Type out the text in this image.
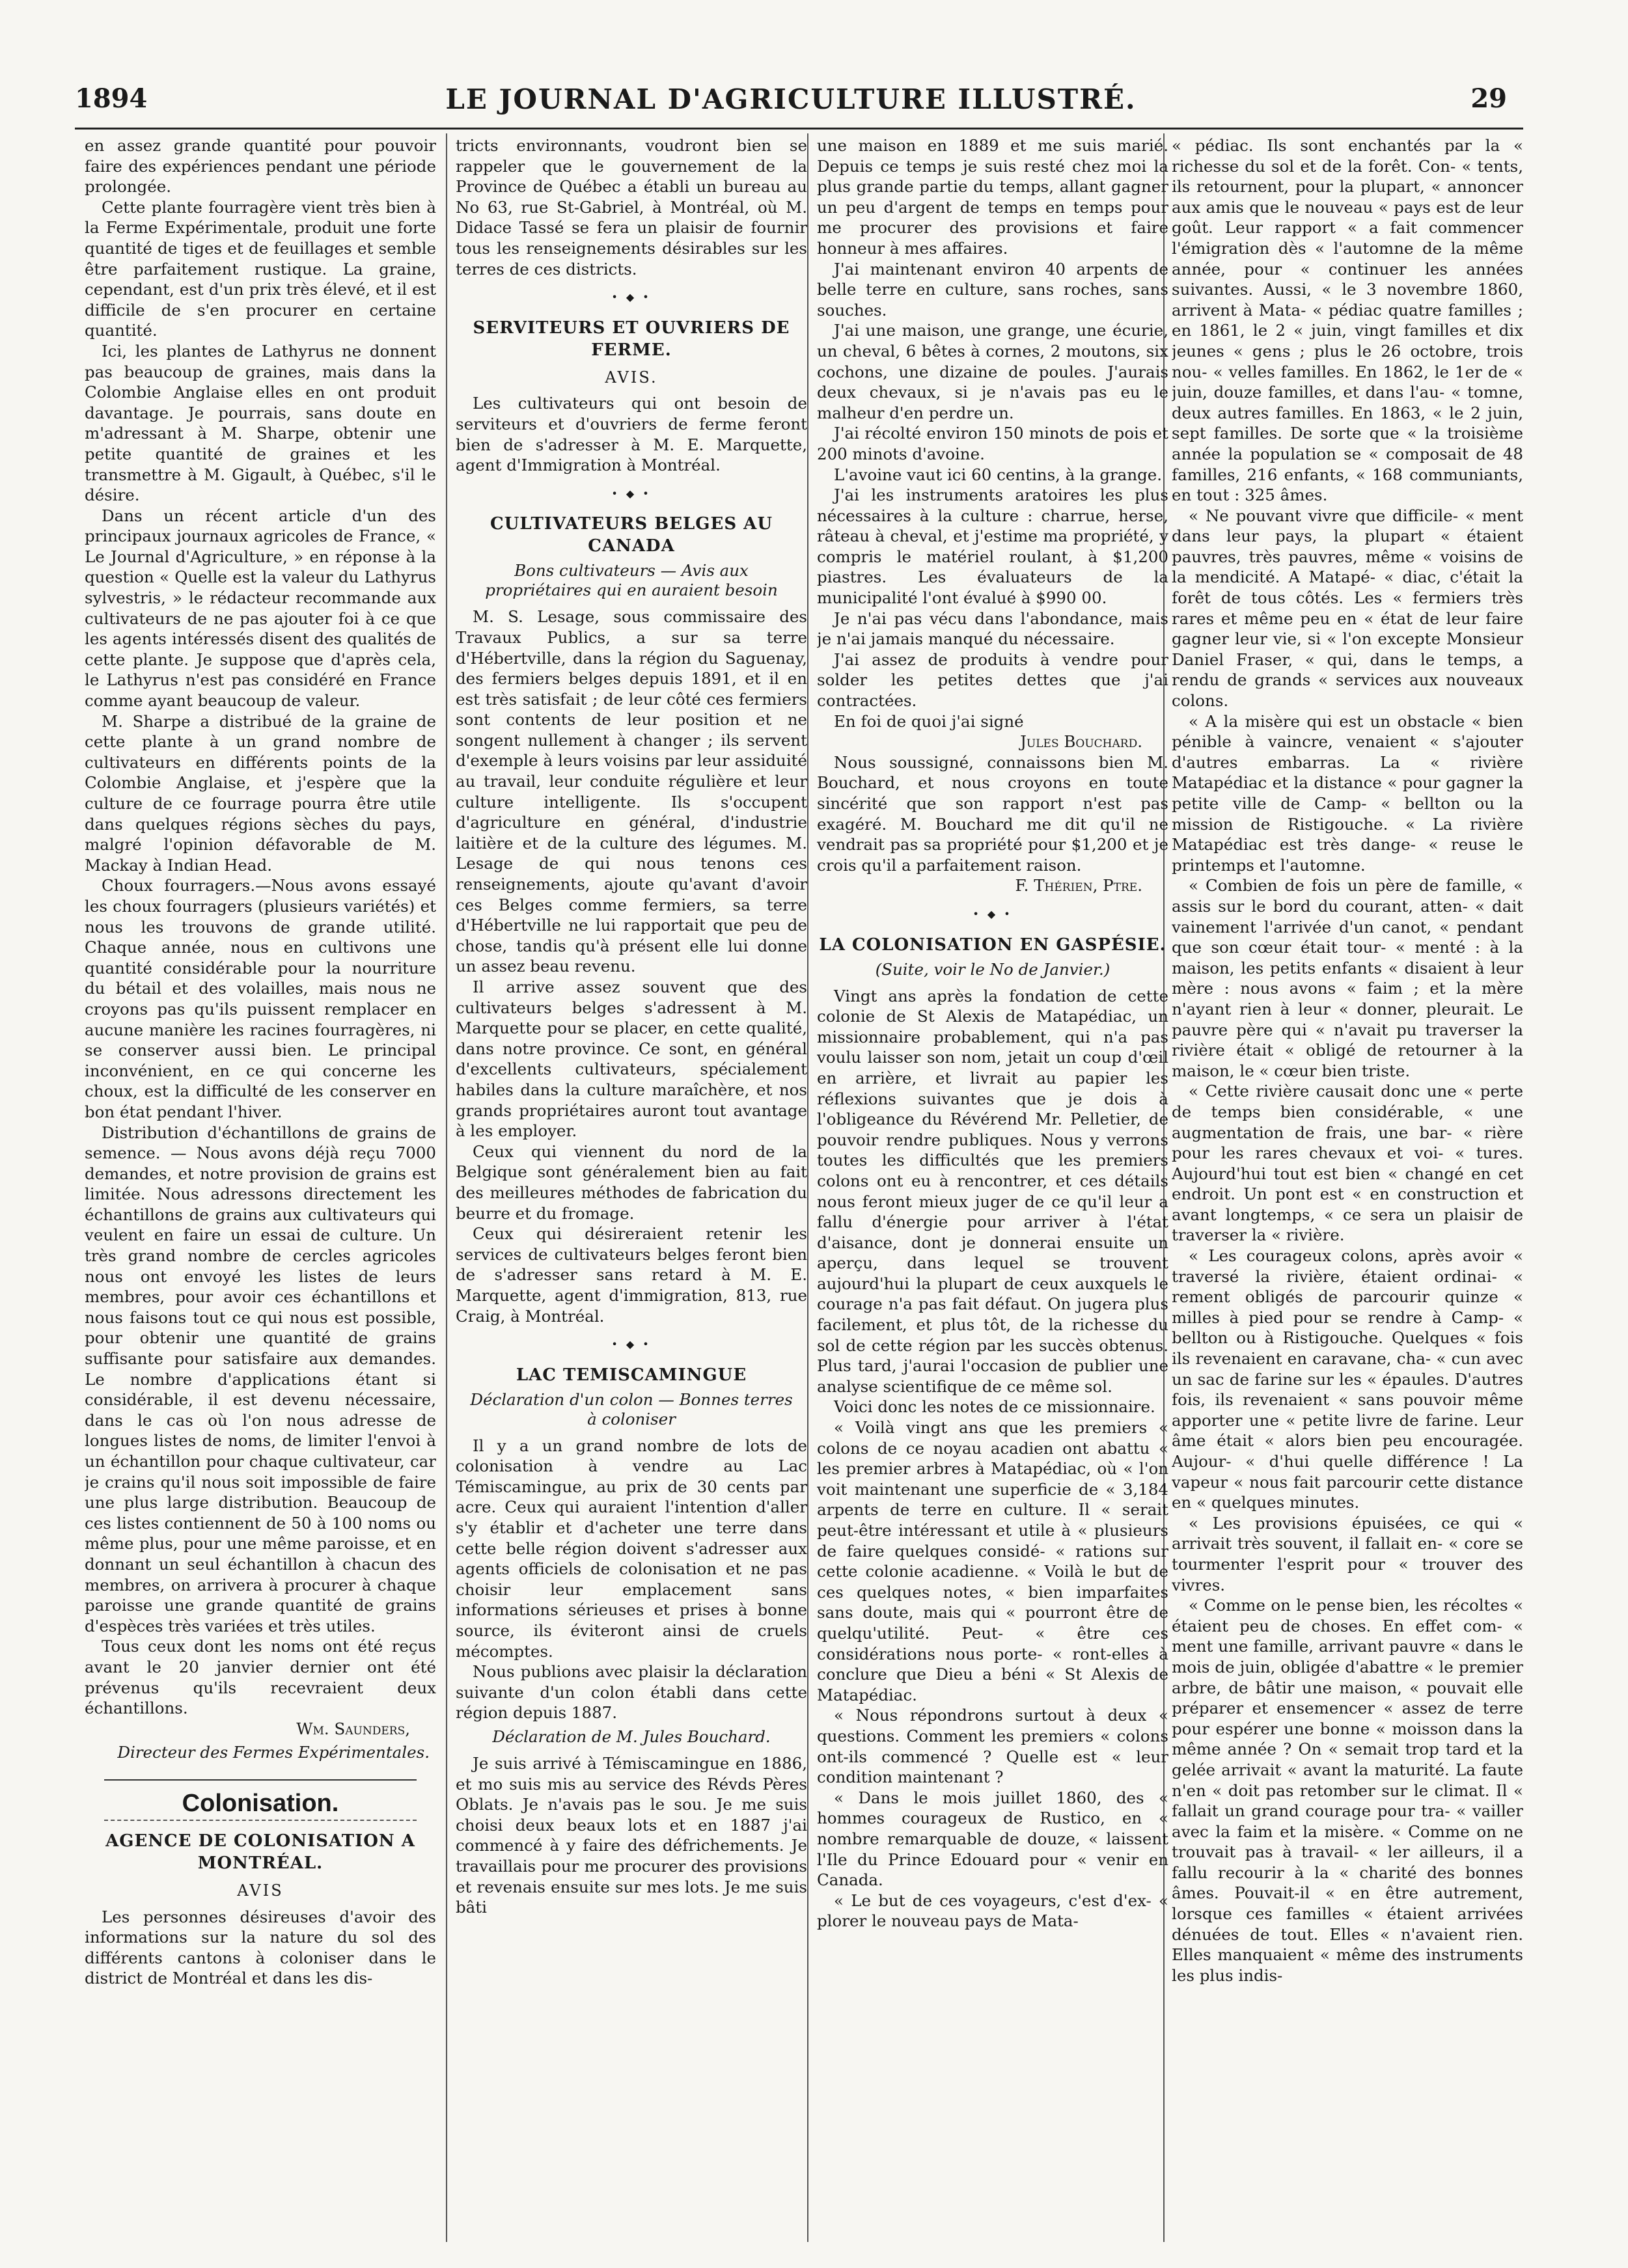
1894	LE JOURNAL D'AGRICULTURE ILLUSTRÉ.	29

en assez grande quantité pour pouvoir faire des expériences pendant une période prolongée.

Cette plante fourragère vient très bien à la Ferme Expérimentale, produit une forte quantité de tiges et de feuillages et semble être parfaitement rustique. La graine, cependant, est d'un prix très élevé, et il est difficile de s'en procurer en certaine quantité.

Ici, les plantes de Lathyrus ne donnent pas beaucoup de graines, mais dans la Colombie Anglaise elles en ont produit davantage. Je pourrais, sans doute en m'adressant à M. Sharpe, obtenir une petite quantité de graines et les transmettre à M. Gigault, à Québec, s'il le désire.

Dans un récent article d'un des principaux journaux agricoles de France, « Le Journal d'Agriculture, » en réponse à la question « Quelle est la valeur du Lathyrus sylvestris, » le rédacteur recommande aux cultivateurs de ne pas ajouter foi à ce que les agents intéressés disent des qualités de cette plante. Je suppose que d'après cela, le Lathyrus n'est pas considéré en France comme ayant beaucoup de valeur.

M. Sharpe a distribué de la graine de cette plante à un grand nombre de cultivateurs en différents points de la Colombie Anglaise, et j'espère que la culture de ce fourrage pourra être utile dans quelques régions sèches du pays, malgré l'opinion défavorable de M. Mackay à Indian Head.

Choux fourragers.—Nous avons essayé les choux fourragers (plusieurs variétés) et nous les trouvons de grande utilité. Chaque année, nous en cultivons une quantité considérable pour la nourriture du bétail et des volailles, mais nous ne croyons pas qu'ils puissent remplacer en aucune manière les racines fourragères, ni se conserver aussi bien. Le principal inconvénient, en ce qui concerne les choux, est la difficulté de les conserver en bon état pendant l'hiver.

Distribution d'échantillons de grains de semence. — Nous avons déjà reçu 7000 demandes, et notre provision de grains est limitée. Nous adressons directement les échantillons de grains aux cultivateurs qui veulent en faire un essai de culture. Un très grand nombre de cercles agricoles nous ont envoyé les listes de leurs membres, pour avoir ces échantillons et nous faisons tout ce qui nous est possible, pour obtenir une quantité de grains suffisante pour satisfaire aux demandes. Le nombre d'applications étant si considérable, il est devenu nécessaire, dans le cas où l'on nous adresse de longues listes de noms, de limiter l'envoi à un échantillon pour chaque cultivateur, car je crains qu'il nous soit impossible de faire une plus large distribution. Beaucoup de ces listes contiennent de 50 à 100 noms ou même plus, pour une même paroisse, et en donnant un seul échantillon à chacun des membres, on arrivera à procurer à chaque paroisse une grande quantité de grains d'espèces très variées et très utiles.

Tous ceux dont les noms ont été reçus avant le 20 janvier dernier ont été prévenus qu'ils recevraient deux échantillons.

Wm. Saunders,
Directeur des Fermes Expérimentales.
Colonisation.
AGENCE DE COLONISATION A MONTRÉAL.
AVIS

Les personnes désireuses d'avoir des informations sur la nature du sol des différents cantons à coloniser dans le district de Montréal et dans les dis-

tricts environnants, voudront bien se rappeler que le gouvernement de la Province de Québec a établi un bureau au No 63, rue St-Gabriel, à Montréal, où M. Didace Tassé se fera un plaisir de fournir tous les renseignements désirables sur les terres de ces districts.

• ◆ •
SERVITEURS ET OUVRIERS DE FERME.
AVIS.

Les cultivateurs qui ont besoin de serviteurs et d'ouvriers de ferme feront bien de s'adresser à M. E. Marquette, agent d'Immigration à Montréal.

• ◆ •
CULTIVATEURS BELGES AU CANADA
Bons cultivateurs — Avis aux propriétaires qui en auraient besoin

M. S. Lesage, sous commissaire des Travaux Publics, a sur sa terre d'Hébertville, dans la région du Saguenay, des fermiers belges depuis 1891, et il en est très satisfait ; de leur côté ces fermiers sont contents de leur position et ne songent nullement à changer ; ils servent d'exemple à leurs voisins par leur assiduité au travail, leur conduite régulière et leur culture intelligente. Ils s'occupent d'agriculture en général, d'industrie laitière et de la culture des légumes. M. Lesage de qui nous tenons ces renseignements, ajoute qu'avant d'avoir ces Belges comme fermiers, sa terre d'Hébertville ne lui rapportait que peu de chose, tandis qu'à présent elle lui donne un assez beau revenu.

Il arrive assez souvent que des cultivateurs belges s'adressent à M. Marquette pour se placer, en cette qualité, dans notre province. Ce sont, en général d'excellents cultivateurs, spécialement habiles dans la culture maraîchère, et nos grands propriétaires auront tout avantage à les employer.

Ceux qui viennent du nord de la Belgique sont généralement bien au fait des meilleures méthodes de fabrication du beurre et du fromage.

Ceux qui désireraient retenir les services de cultivateurs belges feront bien de s'adresser sans retard à M. E. Marquette, agent d'immigration, 813, rue Craig, à Montréal.

• ◆ •
LAC TEMISCAMINGUE
Déclaration d'un colon — Bonnes terres à coloniser

Il y a un grand nombre de lots de colonisation à vendre au Lac Témiscamingue, au prix de 30 cents par acre. Ceux qui auraient l'intention d'aller s'y établir et d'acheter une terre dans cette belle région doivent s'adresser aux agents officiels de colonisation et ne pas choisir leur emplacement sans informations sérieuses et prises à bonne source, ils éviteront ainsi de cruels mécomptes.

Nous publions avec plaisir la déclaration suivante d'un colon établi dans cette région depuis 1887.

Déclaration de M. Jules Bouchard.

Je suis arrivé à Témiscamingue en 1886, et mo suis mis au service des Révds Pères Oblats. Je n'avais pas le sou. Je me suis choisi deux beaux lots et en 1887 j'ai commencé à y faire des défrichements. Je travaillais pour me procurer des provisions et revenais ensuite sur mes lots. Je me suis bâti

une maison en 1889 et me suis marié. Depuis ce temps je suis resté chez moi la plus grande partie du temps, allant gagner un peu d'argent de temps en temps pour me procurer des provisions et faire honneur à mes affaires.

J'ai maintenant environ 40 arpents de belle terre en culture, sans roches, sans souches.

J'ai une maison, une grange, une écurie, un cheval, 6 bêtes à cornes, 2 moutons, six cochons, une dizaine de poules. J'aurais deux chevaux, si je n'avais pas eu le malheur d'en perdre un.

J'ai récolté environ 150 minots de pois et 200 minots d'avoine.

L'avoine vaut ici 60 centins, à la grange.

J'ai les instruments aratoires les plus nécessaires à la culture : charrue, herse, râteau à cheval, et j'estime ma propriété, y compris le matériel roulant, à $1,200 piastres. Les évaluateurs de la municipalité l'ont évalué à $990 00.

Je n'ai pas vécu dans l'abondance, mais je n'ai jamais manqué du nécessaire.

J'ai assez de produits à vendre pour solder les petites dettes que j'ai contractées.

En foi de quoi j'ai signé

Jules Bouchard.

Nous soussigné, connaissons bien M. Bouchard, et nous croyons en toute sincérité que son rapport n'est pas exagéré. M. Bouchard me dit qu'il ne vendrait pas sa propriété pour $1,200 et je crois qu'il a parfaitement raison.

F. Thérien, Ptre.
• ◆ •
LA COLONISATION EN GASPÉSIE.
(Suite, voir le No de Janvier.)

Vingt ans après la fondation de cette colonie de St Alexis de Matapédiac, un missionnaire probablement, qui n'a pas voulu laisser son nom, jetait un coup d'œil en arrière, et livrait au papier les réflexions suivantes que je dois à l'obligeance du Révérend Mr. Pelletier, de pouvoir rendre publiques. Nous y verrons toutes les difficultés que les premiers colons ont eu à rencontrer, et ces détails nous feront mieux juger de ce qu'il leur a fallu d'énergie pour arriver à l'état d'aisance, dont je donnerai ensuite un aperçu, dans lequel se trouvent aujourd'hui la plupart de ceux auxquels le courage n'a pas fait défaut. On jugera plus facilement, et plus tôt, de la richesse du sol de cette région par les succès obtenus. Plus tard, j'aurai l'occasion de publier une analyse scientifique de ce même sol.

Voici donc les notes de ce missionnaire.

« Voilà vingt ans que les premiers « colons de ce noyau acadien ont abattu « les premier arbres à Matapédiac, où « l'on voit maintenant une superficie de « 3,184 arpents de terre en culture. Il « serait peut-être intéressant et utile à « plusieurs de faire quelques considé- « rations sur cette colonie acadienne. « Voilà le but de ces quelques notes, « bien imparfaites sans doute, mais qui « pourront être de quelqu'utilité. Peut- « être ces considérations nous porte- « ront-elles à conclure que Dieu a béni « St Alexis de Matapédiac.

« Nous répondrons surtout à deux « questions. Comment les premiers « colons ont-ils commencé ? Quelle est « leur condition maintenant ?

« Dans le mois juillet 1860, des « hommes courageux de Rustico, en « nombre remarquable de douze, « laissent l'Ile du Prince Edouard pour « venir en Canada.

« Le but de ces voyageurs, c'est d'ex- « plorer le nouveau pays de Mata-

« pédiac. Ils sont enchantés par la « richesse du sol et de la forêt. Con- « tents, ils retournent, pour la plupart, « annoncer aux amis que le nouveau « pays est de leur goût. Leur rapport « a fait commencer l'émigration dès « l'automne de la même année, pour « continuer les années suivantes. Aussi, « le 3 novembre 1860, arrivent à Mata- « pédiac quatre familles ; en 1861, le 2 « juin, vingt familles et dix jeunes « gens ; plus le 26 octobre, trois nou- « velles familles. En 1862, le 1er de « juin, douze familles, et dans l'au- « tomne, deux autres familles. En 1863, « le 2 juin, sept familles. De sorte que « la troisième année la population se « composait de 48 familles, 216 enfants, « 168 communiants, en tout : 325 âmes.

« Ne pouvant vivre que difficile- « ment dans leur pays, la plupart « étaient pauvres, très pauvres, même « voisins de la mendicité. A Matapé- « diac, c'était la forêt de tous côtés. Les « fermiers très rares et même peu en « état de leur faire gagner leur vie, si « l'on excepte Monsieur Daniel Fraser, « qui, dans le temps, a rendu de grands « services aux nouveaux colons.

« A la misère qui est un obstacle « bien pénible à vaincre, venaient « s'ajouter d'autres embarras. La « rivière Matapédiac et la distance « pour gagner la petite ville de Camp- « bellton ou la mission de Ristigouche. « La rivière Matapédiac est très dange- « reuse le printemps et l'automne.

« Combien de fois un père de famille, « assis sur le bord du courant, atten- « dait vainement l'arrivée d'un canot, « pendant que son cœur était tour- « menté : à la maison, les petits enfants « disaient à leur mère : nous avons « faim ; et la mère n'ayant rien à leur « donner, pleurait. Le pauvre père qui « n'avait pu traverser la rivière était « obligé de retourner à la maison, le « cœur bien triste.

« Cette rivière causait donc une « perte de temps bien considérable, « une augmentation de frais, une bar- « rière pour les rares chevaux et voi- « tures. Aujourd'hui tout est bien « changé en cet endroit. Un pont est « en construction et avant longtemps, « ce sera un plaisir de traverser la « rivière.

« Les courageux colons, après avoir « traversé la rivière, étaient ordinai- « rement obligés de parcourir quinze « milles à pied pour se rendre à Camp- « bellton ou à Ristigouche. Quelques « fois ils revenaient en caravane, cha- « cun avec un sac de farine sur les « épaules. D'autres fois, ils revenaient « sans pouvoir même apporter une « petite livre de farine. Leur âme était « alors bien peu encouragée. Aujour- « d'hui quelle différence ! La vapeur « nous fait parcourir cette distance en « quelques minutes.

« Les provisions épuisées, ce qui « arrivait très souvent, il fallait en- « core se tourmenter l'esprit pour « trouver des vivres.

« Comme on le pense bien, les récoltes « étaient peu de choses. En effet com- « ment une famille, arrivant pauvre « dans le mois de juin, obligée d'abattre « le premier arbre, de bâtir une maison, « pouvait elle préparer et ensemencer « assez de terre pour espérer une bonne « moisson dans la même année ? On « semait trop tard et la gelée arrivait « avant la maturité. La faute n'en « doit pas retomber sur le climat. Il « fallait un grand courage pour tra- « vailler avec la faim et la misère. « Comme on ne trouvait pas à travail- « ler ailleurs, il a fallu recourir à la « charité des bonnes âmes. Pouvait-il « en être autrement, lorsque ces familles « étaient arrivées dénuées de tout. Elles « n'avaient rien. Elles manquaient « même des instruments les plus indis-
